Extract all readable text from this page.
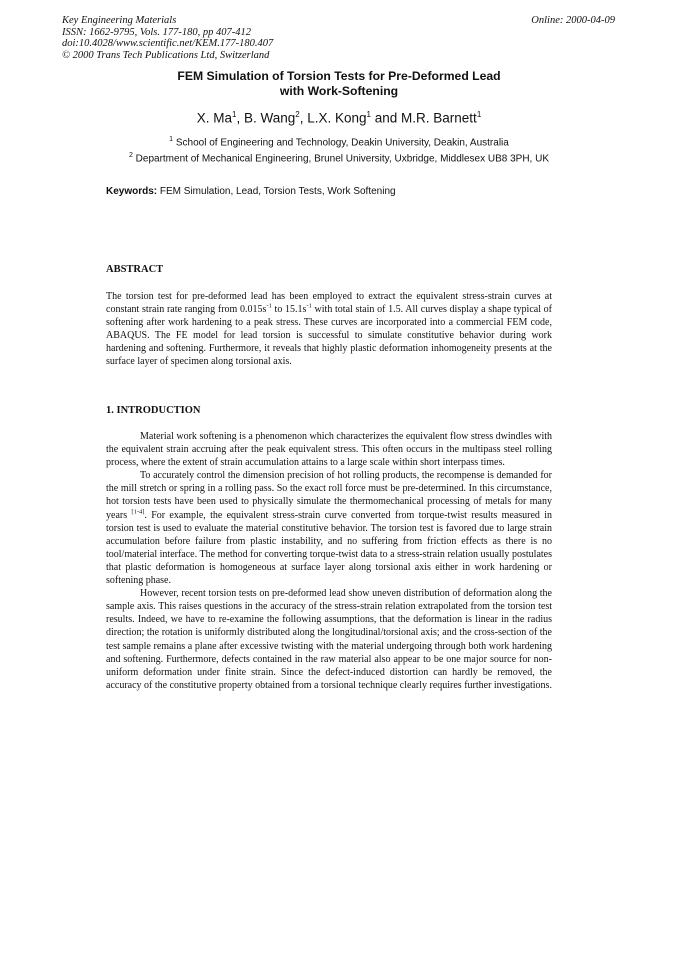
Key Engineering Materials
ISSN: 1662-9795, Vols. 177-180, pp 407-412
doi:10.4028/www.scientific.net/KEM.177-180.407
© 2000 Trans Tech Publications Ltd, Switzerland
Online: 2000-04-09
FEM Simulation of Torsion Tests for Pre-Deformed Lead
with Work-Softening
X. Ma$^1$, B. Wang$^2$, L.X. Kong$^1$ and M.R. Barnett$^1$
$^1$ School of Engineering and Technology, Deakin University, Deakin, Australia
$^2$ Department of Mechanical Engineering, Brunel University, Uxbridge, Middlesex UB8 3PH, UK
Keywords: FEM Simulation, Lead, Torsion Tests, Work Softening
ABSTRACT
The torsion test for pre-deformed lead has been employed to extract the equivalent stress-strain curves at constant strain rate ranging from $0.015s^{-1}$ to $15.1s^{-1}$ with total stain of 1.5. All curves display a shape typical of softening after work hardening to a peak stress. These curves are incorporated into a commercial FEM code, ABAQUS. The FE model for lead torsion is successful to simulate constitutive behavior during work hardening and softening. Furthermore, it reveals that highly plastic deformation inhomogeneity presents at the surface layer of specimen along torsional axis.
1. INTRODUCTION
Material work softening is a phenomenon which characterizes the equivalent flow stress dwindles with the equivalent strain accruing after the peak equivalent stress. This often occurs in the multipass steel rolling process, where the extent of strain accumulation attains to a large scale within short interpass times.
To accurately control the dimension precision of hot rolling products, the recompense is demanded for the mill stretch or spring in a rolling pass. So the exact roll force must be pre-determined. In this circumstance, hot torsion tests have been used to physically simulate the thermomechanical processing of metals for many years [1-4]. For example, the equivalent stress-strain curve converted from torque-twist results measured in torsion test is used to evaluate the material constitutive behavior. The torsion test is favored due to large strain accumulation before failure from plastic instability, and no suffering from friction effects as there is no tool/material interface. The method for converting torque-twist data to a stress-strain relation usually postulates that plastic deformation is homogeneous at surface layer along torsional axis either in work hardening or softening phase.
However, recent torsion tests on pre-deformed lead show uneven distribution of deformation along the sample axis. This raises questions in the accuracy of the stress-strain relation extrapolated from the torsion test results. Indeed, we have to re-examine the following assumptions, that the deformation is linear in the radius direction; the rotation is uniformly distributed along the longitudinal/torsional axis; and the cross-section of the test sample remains a plane after excessive twisting with the material undergoing through both work hardening and softening. Furthermore, defects contained in the raw material also appear to be one major source for non-uniform deformation under finite strain. Since the defect-induced distortion can hardly be removed, the accuracy of the constitutive property obtained from a torsional technique clearly requires further investigations.
